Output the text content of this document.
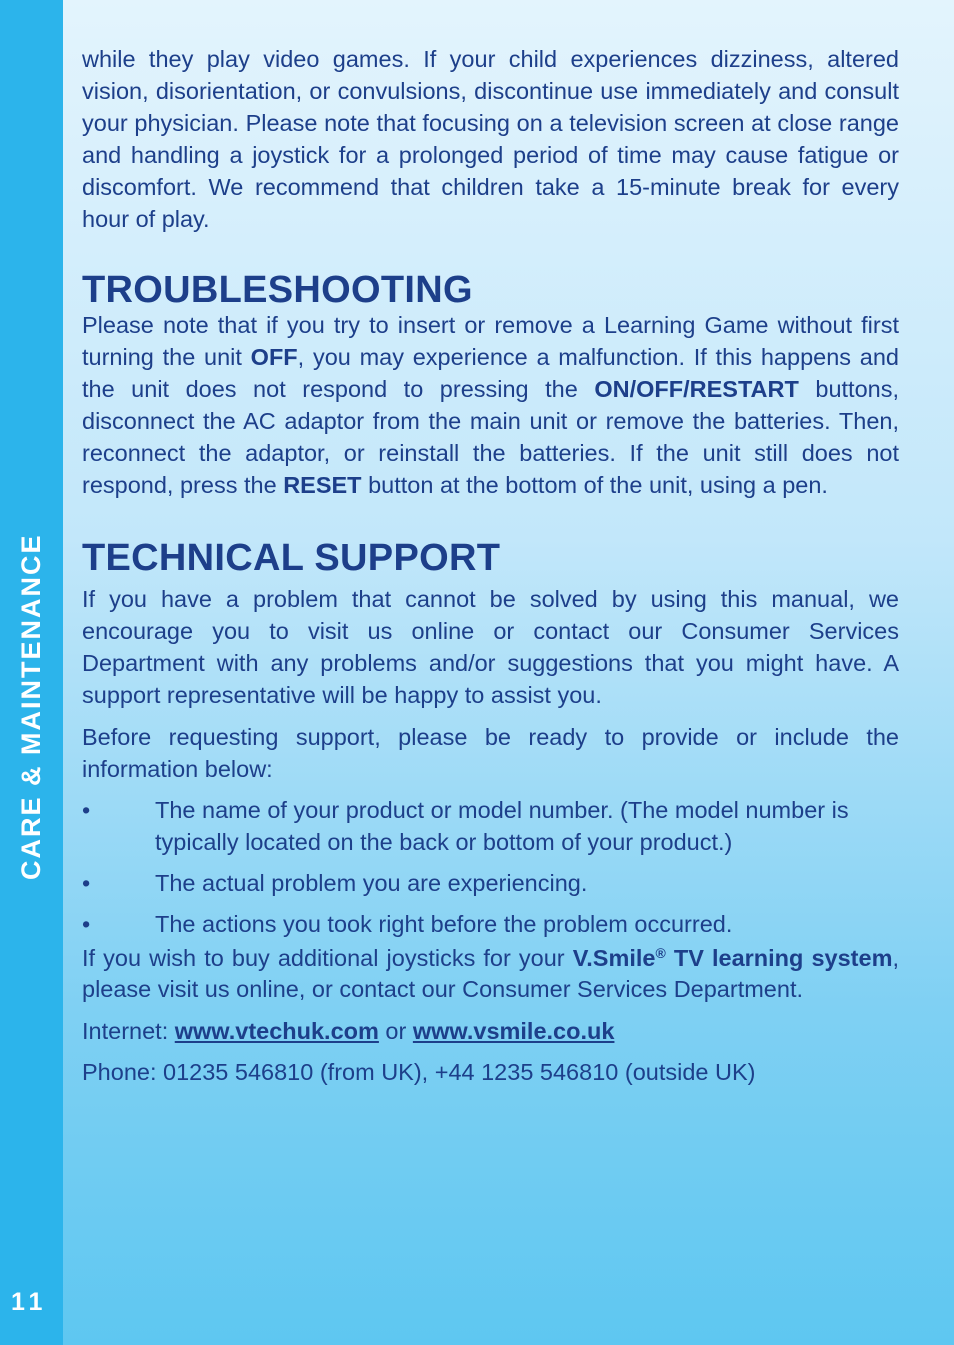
CARE & MAINTENANCE
11

while they play video games. If your child experiences dizziness, altered vision, disorientation, or convulsions, discontinue use immediately and consult your physician. Please note that focusing on a television screen at close range and handling a joystick for a prolonged period of time may cause fatigue or discomfort. We recommend that children take a 15-minute break for every hour of play.

TROUBLESHOOTING

Please note that if you try to insert or remove a Learning Game without first turning the unit OFF, you may experience a malfunction. If this happens and the unit does not respond to pressing the ON/OFF/RESTART buttons, disconnect the AC adaptor from the main unit or remove the batteries. Then, reconnect the adaptor, or reinstall the batteries. If the unit still does not respond, press the RESET button at the bottom of the unit, using a pen.

TECHNICAL SUPPORT

If you have a problem that cannot be solved by using this manual, we encourage you to visit us online or contact our Consumer Services Department with any problems and/or suggestions that you might have. A support representative will be happy to assist you.

Before requesting support, please be ready to provide or include the information below:

•	The name of your product or model number. (The model number is typically located on the back or bottom of your product.)
•	The actual problem you are experiencing.
•	The actions you took right before the problem occurred.

If you wish to buy additional joysticks for your V.Smile® TV learning system, please visit us online, or contact our Consumer Services Department.

Internet: www.vtechuk.com or www.vsmile.co.uk

Phone: 01235 546810 (from UK), +44 1235 546810 (outside UK)
